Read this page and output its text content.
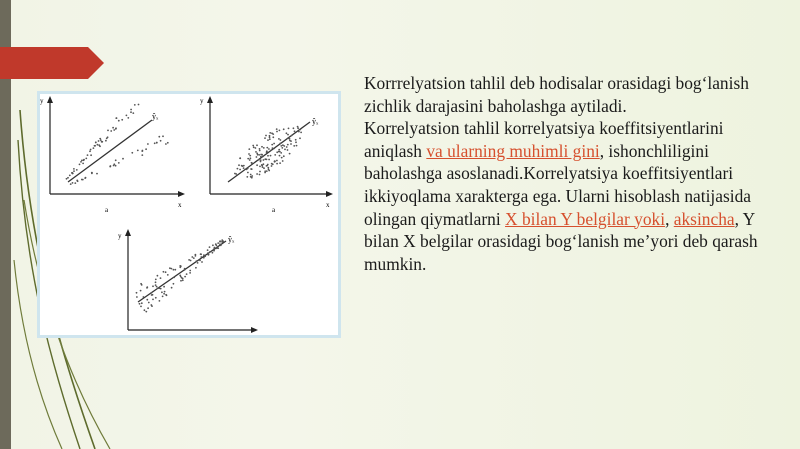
y
x
a
ŷₓ
y
x
a
ŷₓ
y	ŷₓ

Korrrelyatsion tahlil deb hodisalar orasidagi bog‘lanish zichlik darajasini baholashga aytiladi.

Korrelyatsion tahlil korrelyatsiya koeffitsiyentlarini aniqlash va ularning muhimli gini, ishonchliligini baholashga asoslanadi.Korrelyatsiya koeffitsiyentlari ikkiyoqlama xarakterga ega. Ularni hisoblash natijasida olingan qiymatlarni X bilan Y belgilar yoki, aksincha, Y bilan X belgilar orasidagi bog‘lanish me’yori deb qarash mumkin.
